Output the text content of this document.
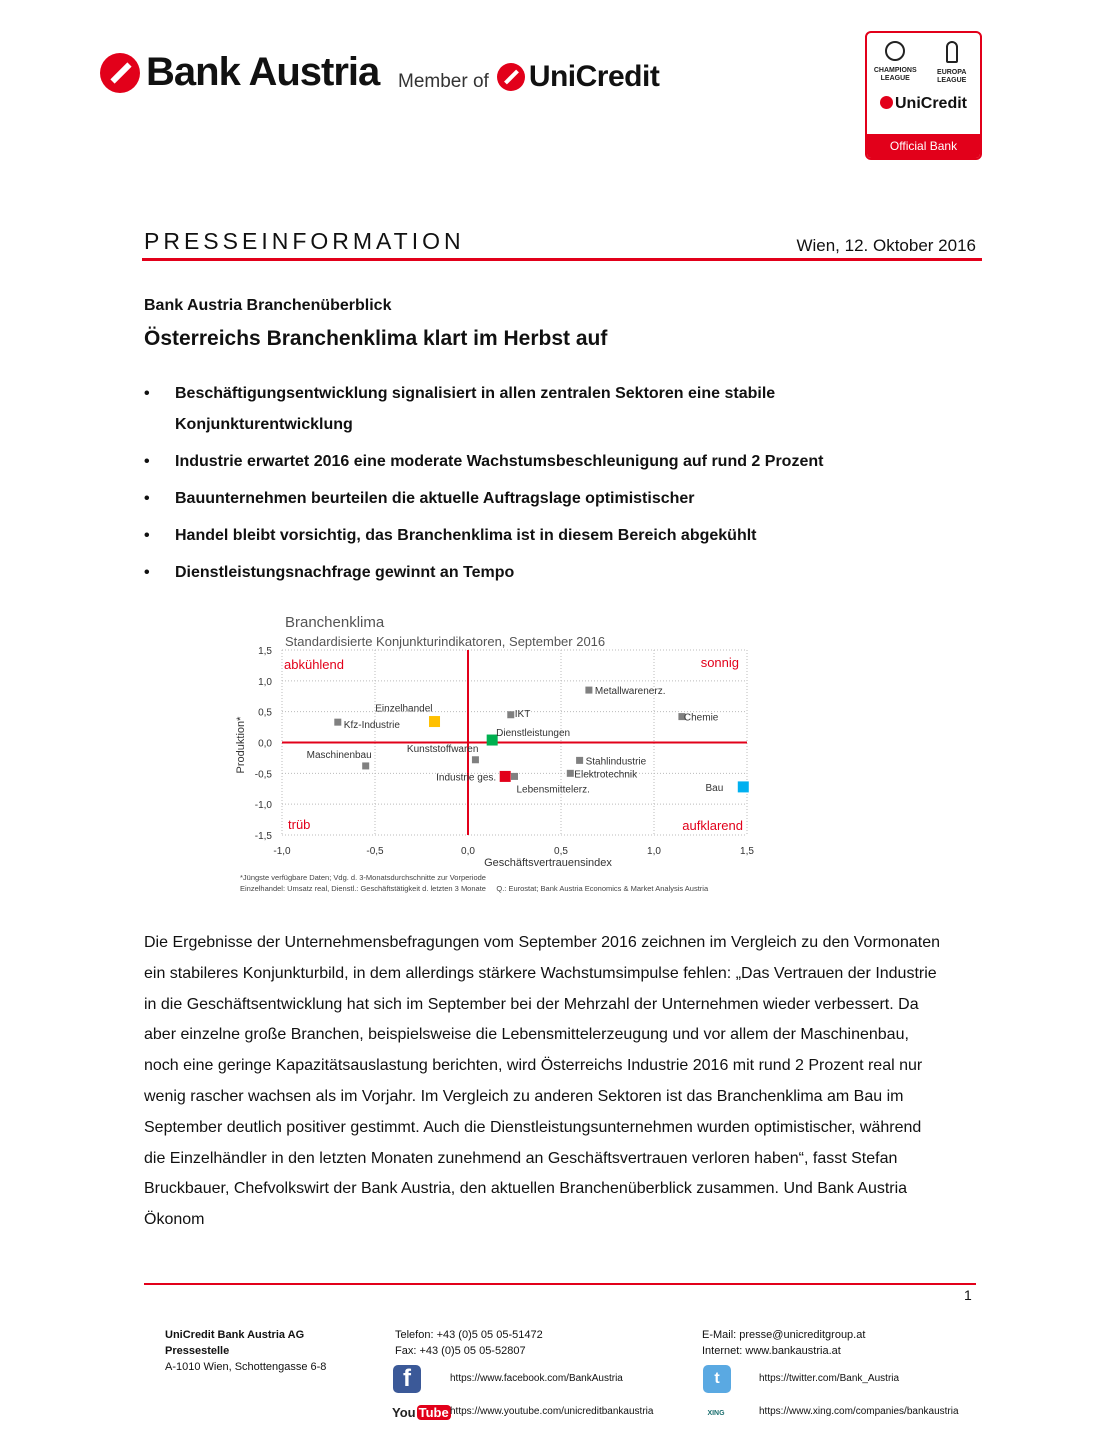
Bank Austria Member of UniCredit	CHAMPIONS
LEAGUE
EUROPA
LEAGUE
UniCredit
Official Bank
PRESSEINFORMATION	Wien, 12. Oktober 2016
Bank Austria Branchenüberblick
Österreichs Branchenklima klart im Herbst auf
• Beschäftigungsentwicklung signalisiert in allen zentralen Sektoren eine stabile Konjunkturentwicklung
• Industrie erwartet 2016 eine moderate Wachstumsbeschleunigung auf rund 2 Prozent
• Bauunternehmen beurteilen die aktuelle Auftragslage optimistischer
• Handel bleibt vorsichtig, das Branchenklima ist in diesem Bereich abgekühlt
• Dienstleistungsnachfrage gewinnt an Tempo
Branchenklima
Standardisierte Konjunkturindikatoren, September 2016
-1,0	-0,5	0,0	0,5	1,0	1,5
1,5
1,0
0,5
0,0
-0,5
-1,0
-1,5
abkühlend	sonnig
trüb	aufklarend
Metallwarenerz.
Chemie
IKT
Einzelhandel
Kfz-Industrie
Dienstleistungen
Kunststoffwaren
Maschinenbau
Stahlindustrie
Elektrotechnik
Industrie ges.
Lebensmittelerz.	Bau
Geschäftsvertrauensindex
Produktion*
*Jüngste verfügbare Daten; Vdg. d. 3-Monatsdurchschnitte zur Vorperiode
Einzelhandel: Umsatz real, Dienstl.: Geschäftstätigkeit d. letzten 3 Monate     Q.: Eurostat; Bank Austria Economics & Market Analysis Austria

Die Ergebnisse der Unternehmensbefragungen vom September 2016 zeichnen im Vergleich zu den Vormonaten ein stabileres Konjunkturbild, in dem allerdings stärkere Wachstumsimpulse fehlen: „Das Vertrauen der Industrie in die Geschäftsentwicklung hat sich im September bei der Mehrzahl der Unternehmen wieder verbessert. Da aber einzelne große Branchen, beispielsweise die Lebensmittelerzeugung und vor allem der Maschinenbau, noch eine geringe Kapazitätsauslastung berichten, wird Österreichs Industrie 2016 mit rund 2 Prozent real nur wenig rascher wachsen als im Vorjahr. Im Vergleich zu anderen Sektoren ist das Branchenklima am Bau im September deutlich positiver gestimmt. Auch die Dienstleistungsunternehmen wurden optimistischer, während die Einzelhändler in den letzten Monaten zunehmend an Geschäftsvertrauen verloren haben“, fasst Stefan Bruckbauer, Chefvolkswirt der Bank Austria, den aktuellen Branchenüberblick zusammen. Und Bank Austria Ökonom

1
UniCredit Bank Austria AG
Pressestelle
A-1010 Wien, Schottengasse 6-8
Telefon: +43 (0)5 05 05-51472
Fax: +43 (0)5 05 05-52807
E-Mail: presse@unicreditgroup.at
Internet: www.bankaustria.at
f	https://www.facebook.com/BankAustria	t	https://twitter.com/Bank_Austria
You Tube https://www.youtube.com/unicreditbankaustria	XING	https://www.xing.com/companies/bankaustria
